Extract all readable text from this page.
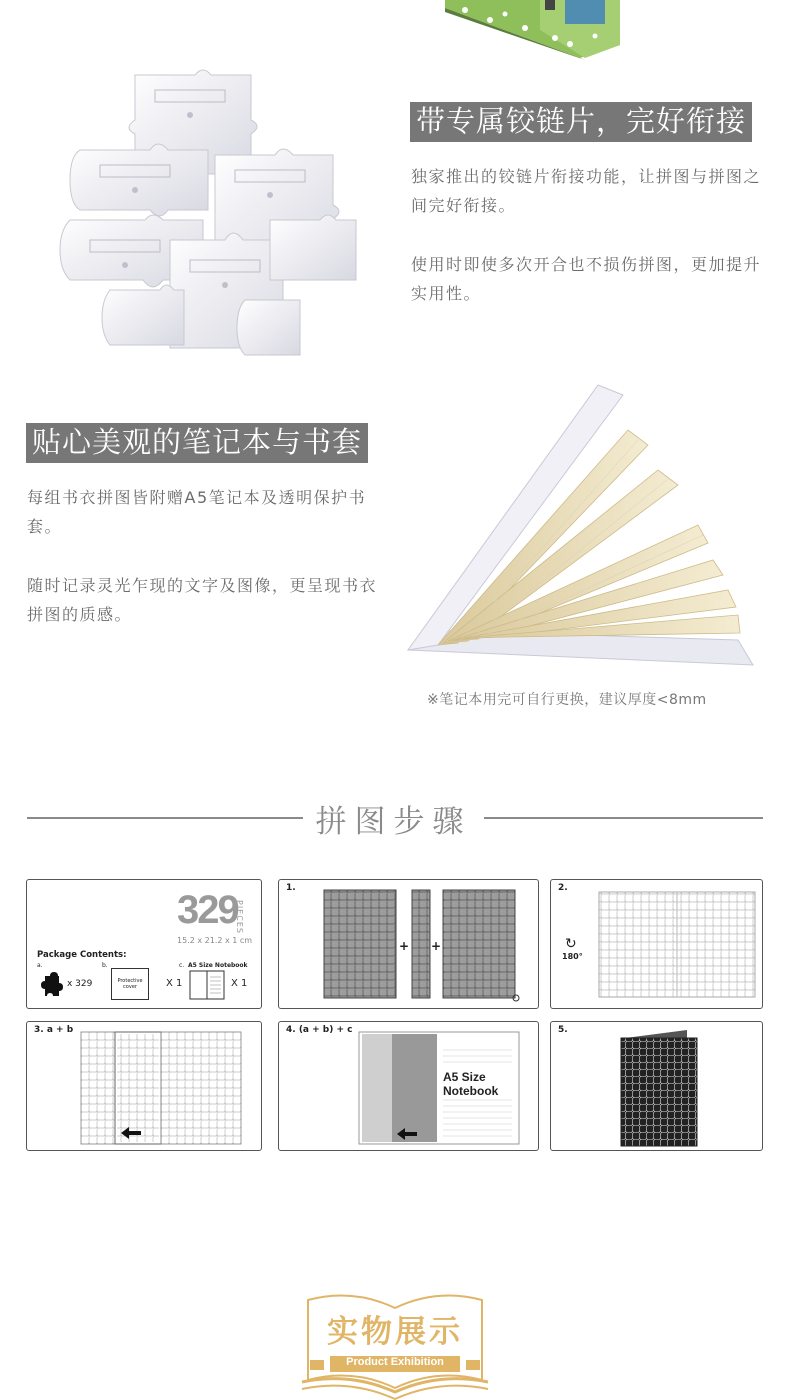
带专属铰链片，完好衔接
独家推出的铰链片衔接功能，让拼图与拼图之间完好衔接。
使用时即使多次开合也不损伤拼图，更加提升实用性。
贴心美观的笔记本与书套
每组书衣拼图皆附赠A5笔记本及透明保护书套。
随时记录灵光乍现的文字及图像，更呈现书衣拼图的质感。
※笔记本用完可自行更换，建议厚度<8mm
拼图步骤
329
PIECES
15.2 x 21.2 x 1 cm
Package Contents:
a.
x 329
b.
Protective cover	X 1
c. A5 Size Notebook
X 1
1.
+ +
2.
↻
180°
3. a + b	4. (a + b) + c
A5 Size Notebook
5.
实物展示
Product Exhibition
